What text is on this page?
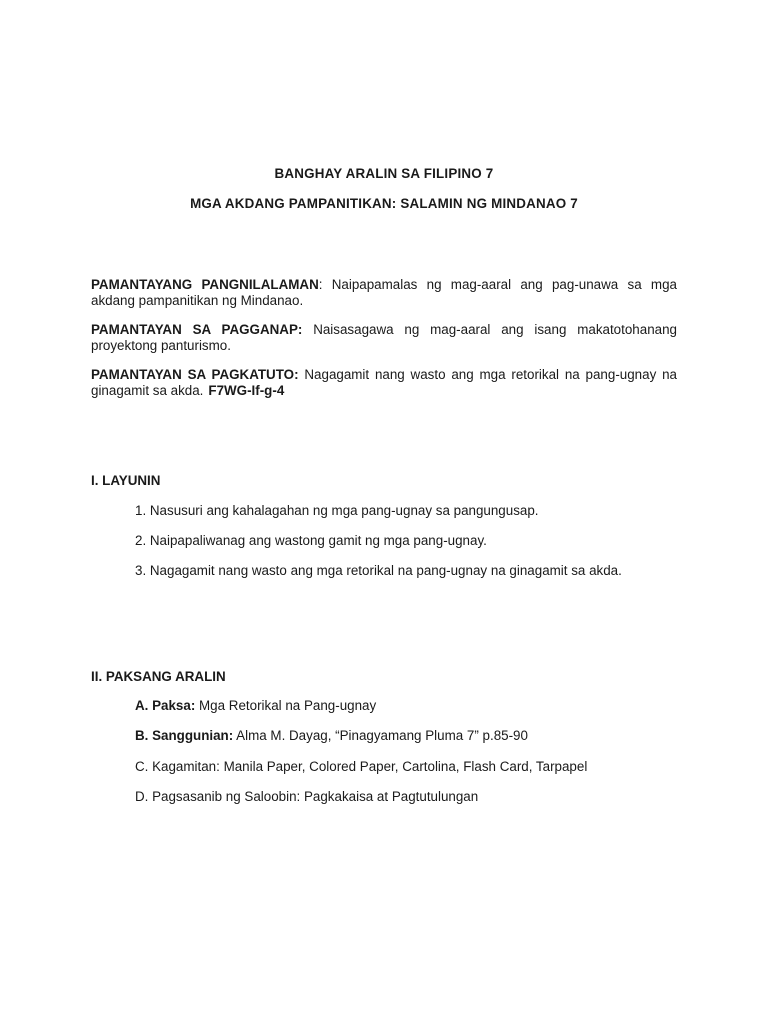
BANGHAY ARALIN SA FILIPINO 7
MGA AKDANG PAMPANITIKAN: SALAMIN NG MINDANAO 7
PAMANTAYANG PANGNILALAMAN: Naipapamalas ng mag-aaral ang pag-unawa sa mga akdang pampanitikan ng Mindanao.
PAMANTAYAN SA PAGGANAP: Naisasagawa ng mag-aaral ang isang makatotohanang proyektong panturismo.
PAMANTAYAN SA PAGKATUTO: Nagagamit nang wasto ang mga retorikal na pang-ugnay na ginagamit sa akda. F7WG-If-g-4
I. LAYUNIN
1. Nasusuri ang kahalagahan ng mga pang-ugnay sa pangungusap.
2. Naipapaliwanag ang wastong gamit ng mga pang-ugnay.
3. Nagagamit nang wasto ang mga retorikal na pang-ugnay na ginagamit sa akda.
II. PAKSANG ARALIN
A. Paksa: Mga Retorikal na Pang-ugnay
B. Sanggunian: Alma M. Dayag, “Pinagyamang Pluma 7” p.85-90
C. Kagamitan: Manila Paper, Colored Paper, Cartolina, Flash Card, Tarpapel
D. Pagsasanib ng Saloobin: Pagkakaisa at Pagtutulungan
